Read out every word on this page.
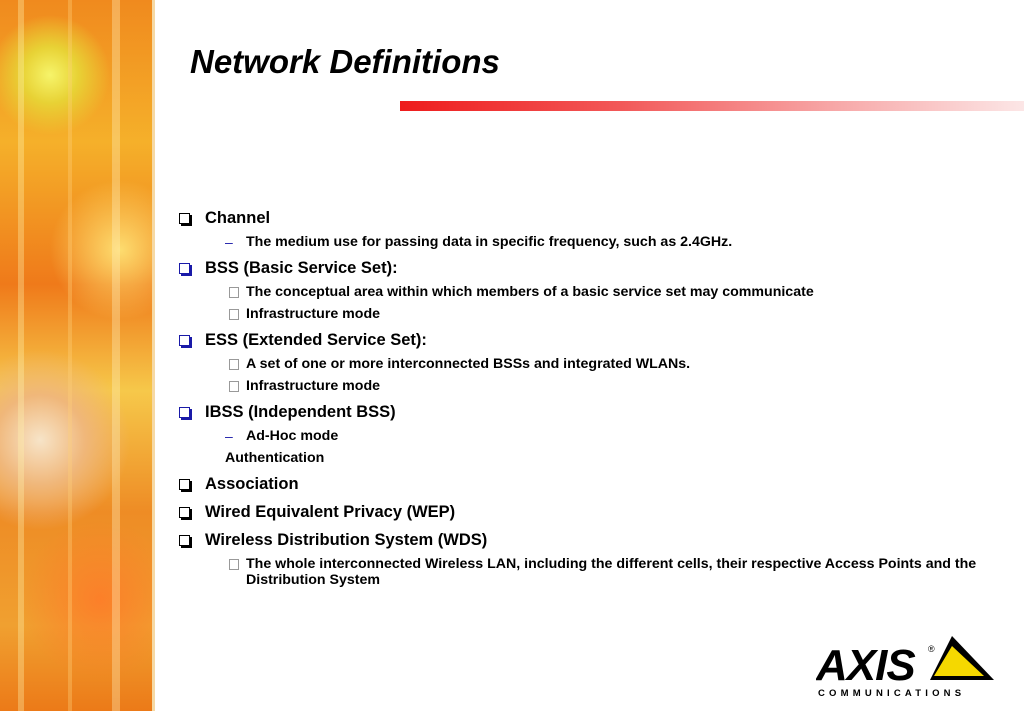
Network Definitions
Channel
– The medium use for passing data in specific frequency, such as 2.4GHz.
BSS (Basic Service Set):
The conceptual area within which members of a basic service set may communicate
Infrastructure mode
ESS (Extended Service Set):
A set of one or more interconnected BSSs and integrated WLANs.
Infrastructure mode
IBSS (Independent BSS)
– Ad-Hoc mode
Authentication
Association
Wired Equivalent Privacy (WEP)
Wireless Distribution System (WDS)
The whole interconnected Wireless LAN, including the different cells, their respective Access Points and the Distribution System
AXIS ®
COMMUNICATIONS
